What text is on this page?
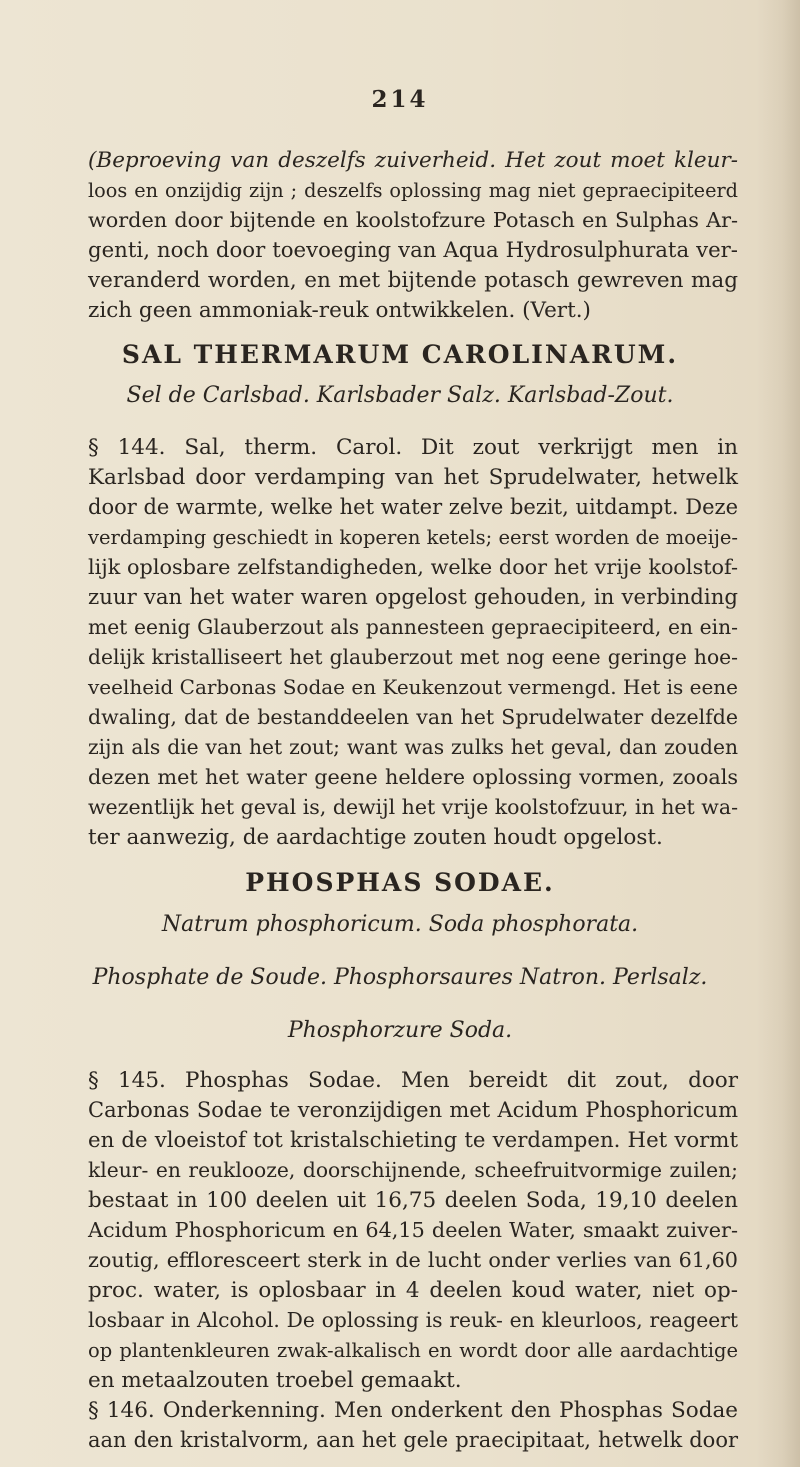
214
(Beproeving van deszelfs zuiverheid. Het zout moet kleur-
loos en onzijdig zijn ; deszelfs oplossing mag niet gepraecipiteerd
worden door bijtende en koolstofzure Potasch en Sulphas Ar-
genti, noch door toevoeging van Aqua Hydrosulphurata ver-
veranderd worden, en met bijtende potasch gewreven mag
zich geen ammoniak-reuk ontwikkelen. (Vert.)
SAL THERMARUM CAROLINARUM.
Sel de Carlsbad. Karlsbader Salz. Karlsbad-Zout.
§ 144. Sal, therm. Carol. Dit zout verkrijgt men in
Karlsbad door verdamping van het Sprudelwater, hetwelk
door de warmte, welke het water zelve bezit, uitdampt. Deze
verdamping geschiedt in koperen ketels; eerst worden de moeije-
lijk oplosbare zelfstandigheden, welke door het vrije koolstof-
zuur van het water waren opgelost gehouden, in verbinding
met eenig Glauberzout als pannesteen gepraecipiteerd, en ein-
delijk kristalliseert het glauberzout met nog eene geringe hoe-
veelheid Carbonas Sodae en Keukenzout vermengd. Het is eene
dwaling, dat de bestanddeelen van het Sprudelwater dezelfde
zijn als die van het zout; want was zulks het geval, dan zouden
dezen met het water geene heldere oplossing vormen, zooals
wezentlijk het geval is, dewijl het vrije koolstofzuur, in het wa-
ter aanwezig, de aardachtige zouten houdt opgelost.
PHOSPHAS SODAE.
Natrum phosphoricum. Soda phosphorata.
Phosphate de Soude. Phosphorsaures Natron. Perlsalz.
Phosphorzure Soda.
§ 145. Phosphas Sodae. Men bereidt dit zout, door
Carbonas Sodae te veronzijdigen met Acidum Phosphoricum
en de vloeistof tot kristalschieting te verdampen. Het vormt
kleur- en reuklooze, doorschijnende, scheefruitvormige zuilen;
bestaat in 100 deelen uit 16,75 deelen Soda, 19,10 deelen
Acidum Phosphoricum en 64,15 deelen Water, smaakt zuiver-
zoutig, effloresceert sterk in de lucht onder verlies van 61,60
proc. water, is oplosbaar in 4 deelen koud water, niet op-
losbaar in Alcohol. De oplossing is reuk- en kleurloos, reageert
op plantenkleuren zwak-alkalisch en wordt door alle aardachtige
en metaalzouten troebel gemaakt.
§ 146. Onderkenning. Men onderkent den Phosphas Sodae
aan den kristalvorm, aan het gele praecipitaat, hetwelk door
